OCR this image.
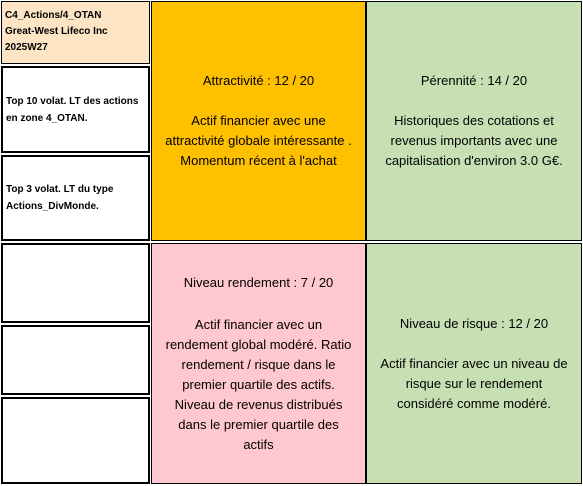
C4_Actions/4_OTAN
Great-West Lifeco Inc
2025W27
Top 10 volat. LT des actions en zone 4_OTAN.
Top 3 volat. LT du type Actions_DivMonde.
Attractivité : 12 / 20
Actif financier avec une attractivité globale intéressante . Momentum récent à l'achat
Pérennité : 14 / 20
Historiques des cotations et revenus importants avec une capitalisation d'environ 3.0 G€.
Niveau rendement : 7 / 20
Actif financier avec un rendement global modéré. Ratio rendement / risque dans le premier quartile des actifs. Niveau de revenus distribués dans le premier quartile des actifs
Niveau de risque : 12 / 20
Actif financier avec un niveau de risque sur le rendement considéré comme modéré.
